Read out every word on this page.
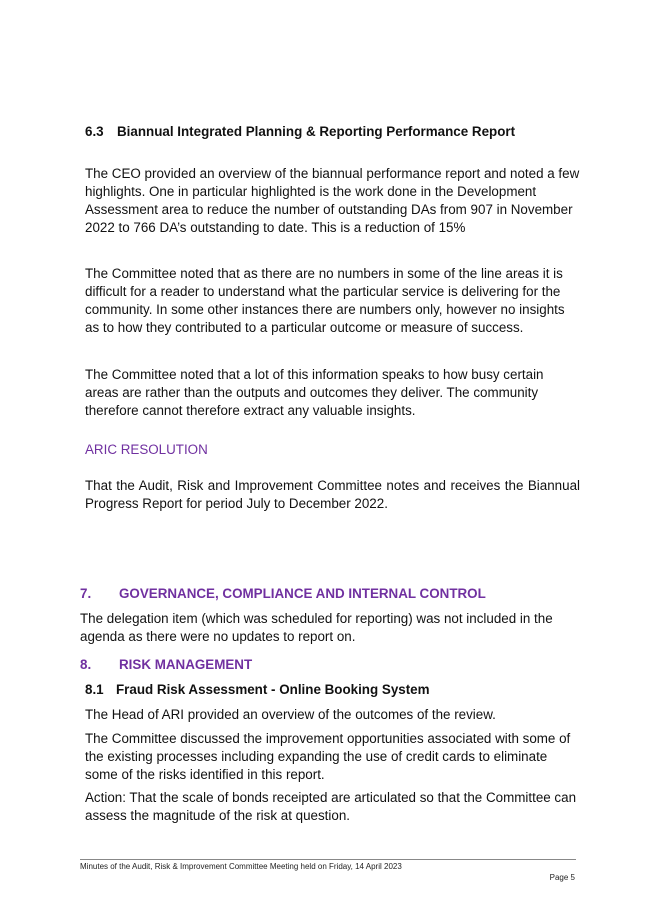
6.3 Biannual Integrated Planning & Reporting Performance Report

The CEO provided an overview of the biannual performance report and noted a few highlights. One in particular highlighted is the work done in the Development Assessment area to reduce the number of outstanding DAs from 907 in November 2022 to 766 DA’s outstanding to date. This is a reduction of 15%

The Committee noted that as there are no numbers in some of the line areas it is difficult for a reader to understand what the particular service is delivering for the community. In some other instances there are numbers only, however no insights as to how they contributed to a particular outcome or measure of success.

The Committee noted that a lot of this information speaks to how busy certain areas are rather than the outputs and outcomes they deliver. The community therefore cannot therefore extract any valuable insights.

ARIC RESOLUTION

That the Audit, Risk and Improvement Committee notes and receives the Biannual Progress Report for period July to December 2022.

7. GOVERNANCE, COMPLIANCE AND INTERNAL CONTROL

The delegation item (which was scheduled for reporting) was not included in the agenda as there were no updates to report on.

8. RISK MANAGEMENT
8.1 Fraud Risk Assessment - Online Booking System

The Head of ARI provided an overview of the outcomes of the review.

The Committee discussed the improvement opportunities associated with some of the existing processes including expanding the use of credit cards to eliminate some of the risks identified in this report.

Action: That the scale of bonds receipted are articulated so that the Committee can assess the magnitude of the risk at question.

Minutes of the Audit, Risk & Improvement Committee Meeting held on Friday, 14 April 2023

Page 5
